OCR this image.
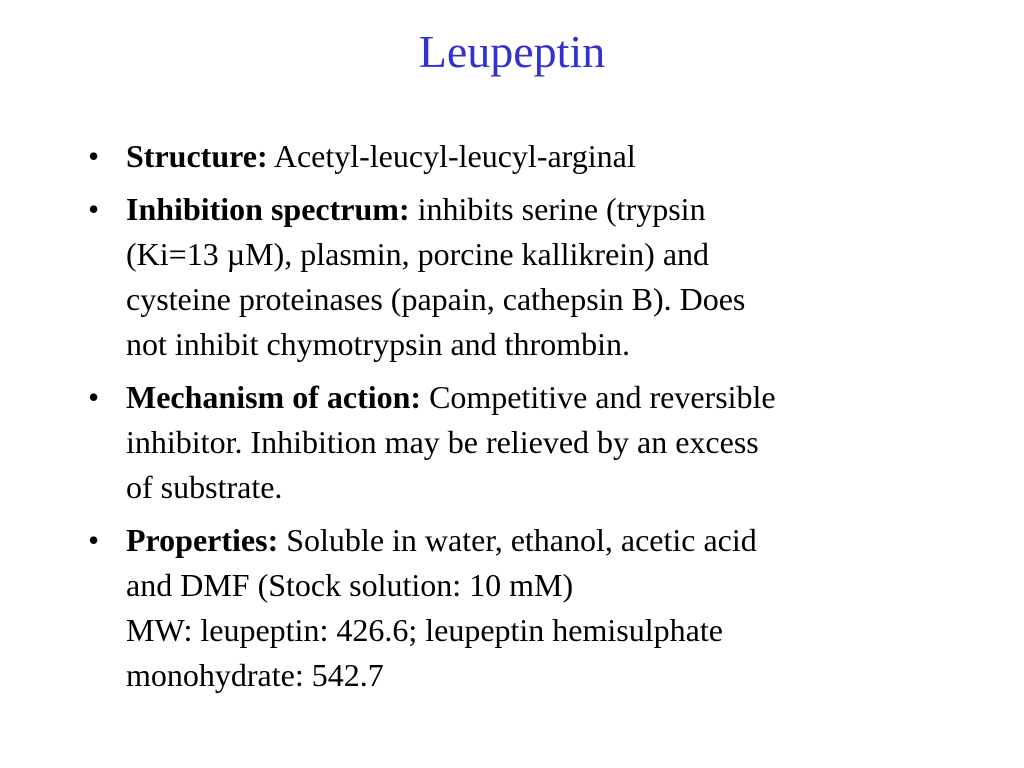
Leupeptin
• Structure: Acetyl-leucyl-leucyl-arginal
• Inhibition spectrum: inhibits serine (trypsin
(Ki=13 µM), plasmin, porcine kallikrein) and
cysteine proteinases (papain, cathepsin B). Does
not inhibit chymotrypsin and thrombin.
• Mechanism of action: Competitive and reversible
inhibitor. Inhibition may be relieved by an excess
of substrate.
• Properties: Soluble in water, ethanol, acetic acid
and DMF (Stock solution: 10 mM)
MW: leupeptin: 426.6; leupeptin hemisulphate
monohydrate: 542.7
